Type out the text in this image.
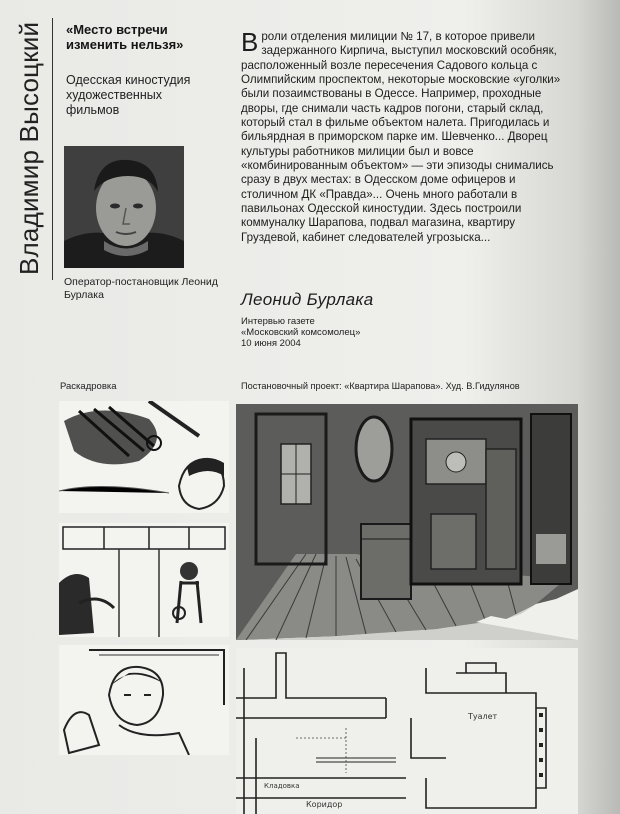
Владимир Высоцкий	«Место встречи изменить нельзя»
Одесская киностудия художественных фильмов
Оператор-постановщик Леонид Бурлака
В роли отделения милиции № 17, в которое привели задержанного Кирпича, выступил московский особняк, расположенный возле пересечения Садового кольца с Олимпийским проспектом, некоторые московские «уголки» были позаимствованы в Одессе. Например, проходные дворы, где снимали часть кадров погони, старый склад, который стал в фильме объектом налета. Пригодилась и бильярдная в приморском парке им. Шевченко... Дворец культуры работников милиции был и вовсе «комбинированным объектом» — эти эпизоды снимались сразу в двух местах: в Одесском доме офицеров и столичном ДК «Правда»... Очень много работали в павильонах Одесской киностудии. Здесь построили коммуналку Шарапова, подвал магазина, квартиру Груздевой, кабинет следователей угрозыска...
Леонид Бурлака
Интервью газете
«Московский комсомолец»
10 июня 2004
Раскадровка	Постановочный проект: «Квартира Шарапова». Худ. В.Гидулянов
Туалет
Коридор
Кладовка
